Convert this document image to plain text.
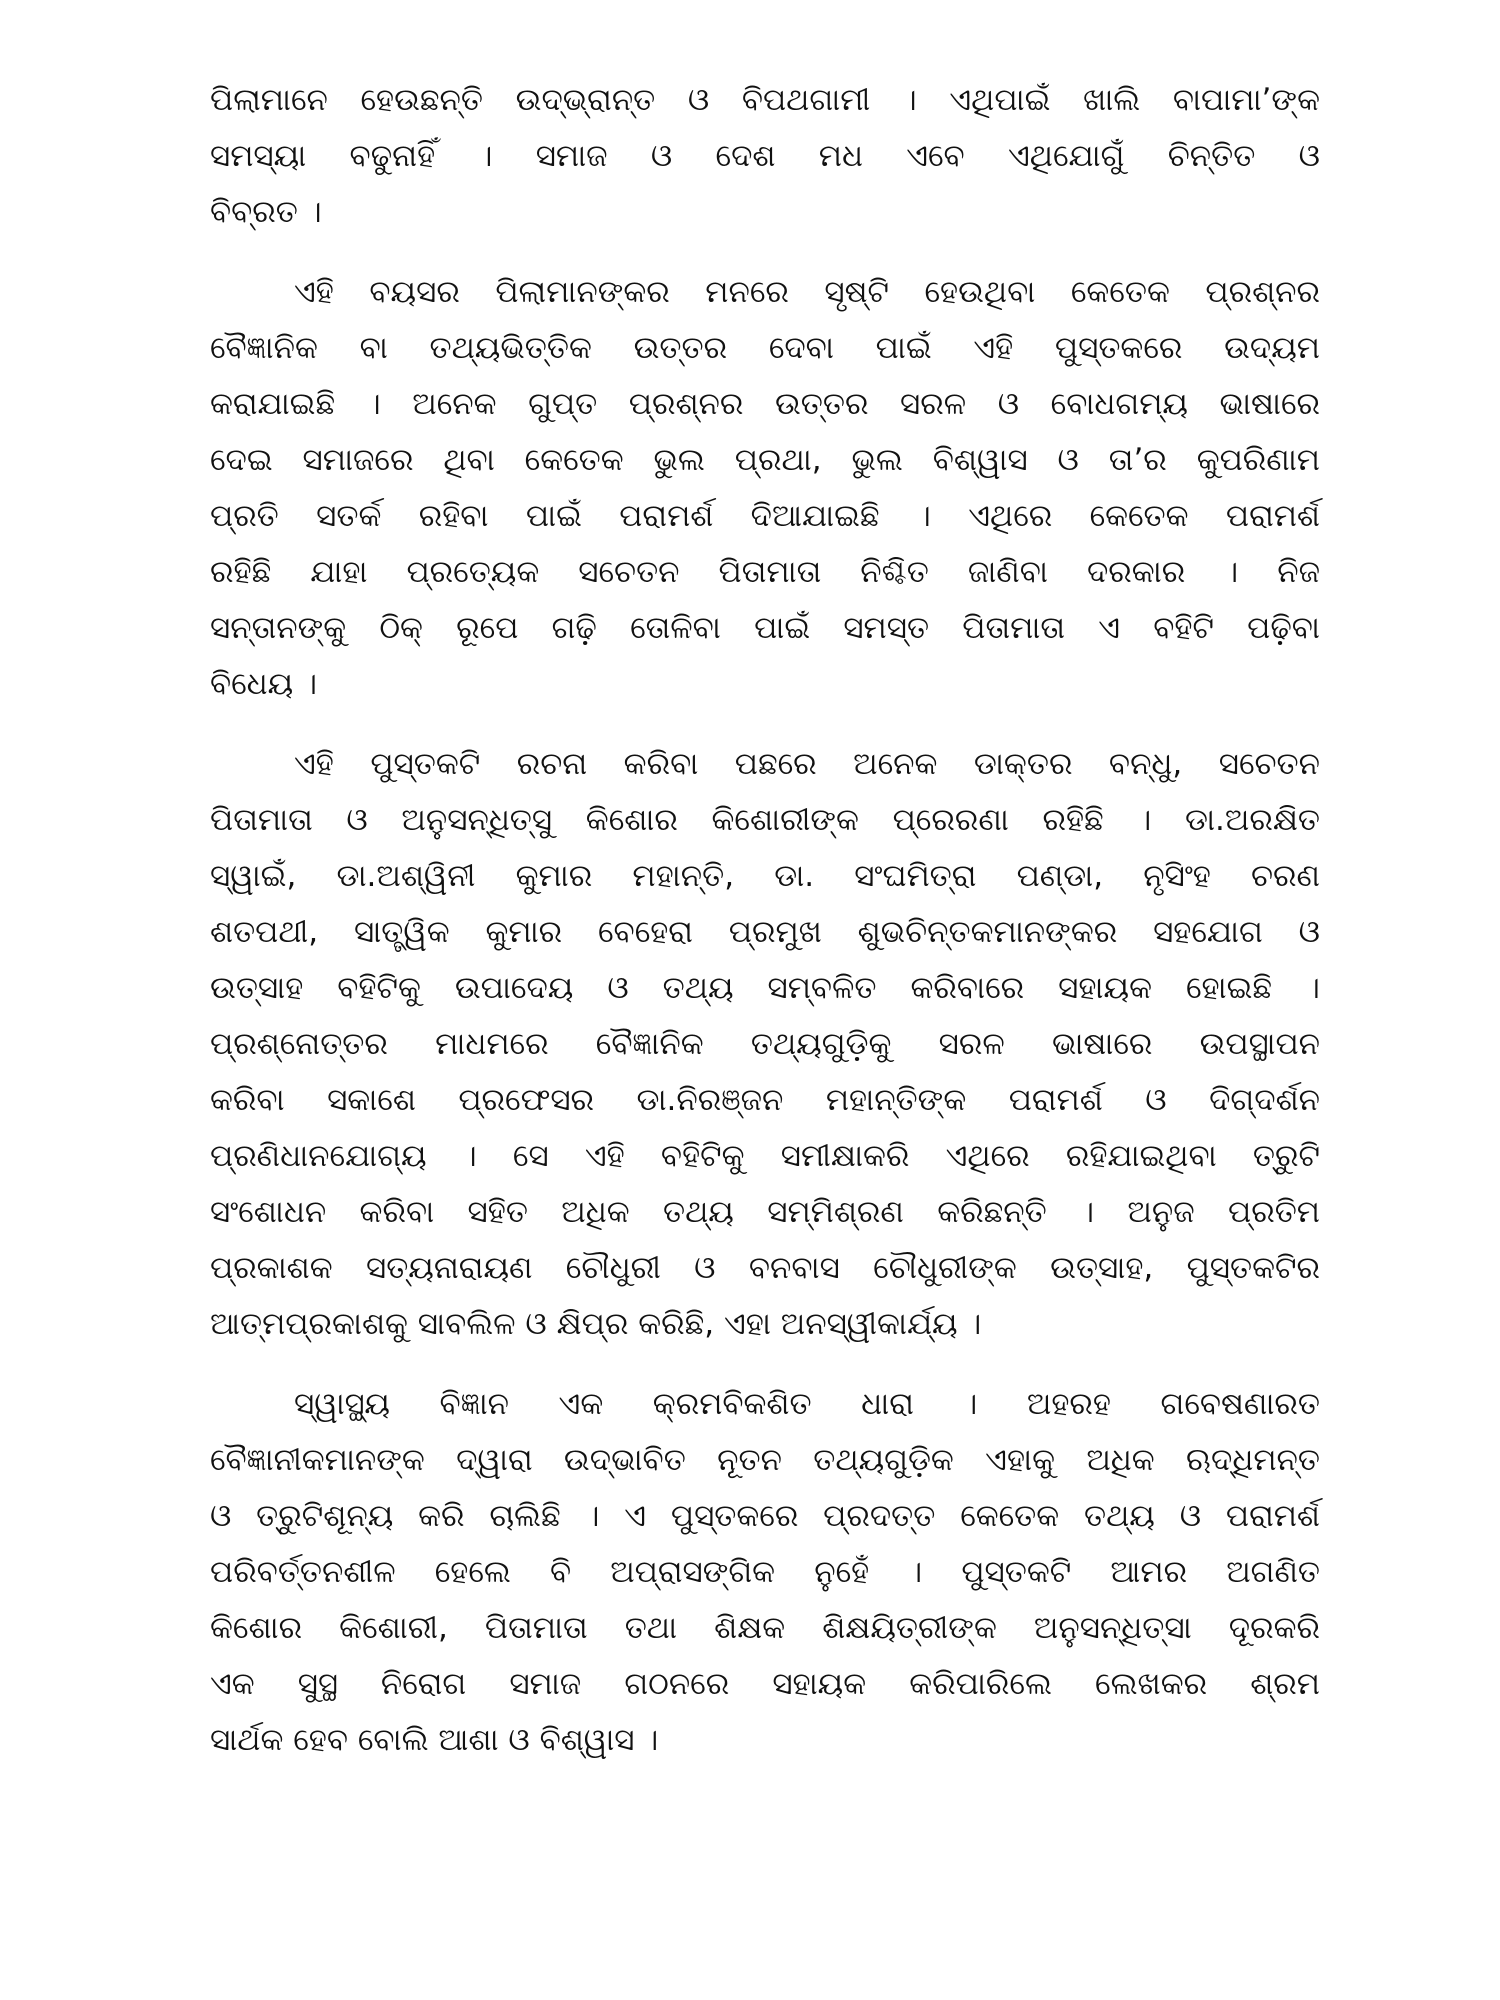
ପିଲାମାନେ ହେଉଛନ୍ତି ଉଦ୍‌ଭ୍ରାନ୍ତ ଓ ବିପଥଗାମୀ । ଏଥିପାଇଁ ଖାଲି ବାପାମା’ଙ୍କ
ସମସ୍ୟା ବଢୁନାହିଁ । ସମାଜ ଓ ଦେଶ ମଧ ଏବେ ଏଥିଯୋଗୁଁ ଚିନ୍ତିତ ଓ
ବିବ୍ରତ ।
ଏହି ବୟସର ପିଲାମାନଙ୍କର ମନରେ ସୃଷ୍ଟି ହେଉଥିବା କେତେକ ପ୍ରଶ୍ନର
ବୈଜ୍ଞାନିକ ବା ତଥ୍ୟଭିତ୍ତିକ ଉତ୍ତର ଦେବା ପାଇଁ ଏହି ପୁସ୍ତକରେ ଉଦ୍ୟମ
କରାଯାଇଛି । ଅନେକ ଗୁପ୍ତ ପ୍ରଶ୍ନର ଉତ୍ତର ସରଳ ଓ ବୋଧଗମ୍ୟ ଭାଷାରେ
ଦେଇ ସମାଜରେ ଥିବା କେତେକ ଭୁଲ ପ୍ରଥା, ଭୁଲ ବିଶ୍ୱାସ ଓ ତା’ର କୁପରିଣାମ
ପ୍ରତି ସତର୍କ ରହିବା ପାଇଁ ପରାମର୍ଶ ଦିଆଯାଇଛି । ଏଥିରେ କେତେକ ପରାମର୍ଶ
ରହିଛି ଯାହା ପ୍ରତ୍ୟେକ ସଚେତନ ପିତାମାତା ନିଶ୍ଚିତ ଜାଣିବା ଦରକାର । ନିଜ
ସନ୍ତାନଙ୍କୁ ଠିକ୍ ରୂପେ ଗଢ଼ି ତୋଳିବା ପାଇଁ ସମସ୍ତ ପିତାମାତା ଏ ବହିଟି ପଢ଼ିବା
ବିଧେୟ ।
ଏହି ପୁସ୍ତକଟି ରଚନା କରିବା ପଛରେ ଅନେକ ଡାକ୍ତର ବନ୍ଧୁ, ସଚେତନ
ପିତାମାତା ଓ ଅନୁସନ୍ଧିତ୍ସୁ କିଶୋର କିଶୋରୀଙ୍କ ପ୍ରେରଣା ରହିଛି । ଡା.ଅରକ୍ଷିତ
ସ୍ୱାଇଁ, ଡା.ଅଶ୍ୱିନୀ କୁମାର ମହାନ୍ତି, ଡା. ସଂଘମିତ୍ରା ପଣ୍ଡା, ନୃସିଂହ ଚରଣ
ଶତପଥୀ, ସାତ୍ତ୍ୱିକ କୁମାର ବେହେରା ପ୍ରମୁଖ ଶୁଭଚିନ୍ତକମାନଙ୍କର ସହଯୋଗ ଓ
ଉତ୍ସାହ ବହିଟିକୁ ଉପାଦେୟ ଓ ତଥ୍ୟ ସମ୍ବଳିତ କରିବାରେ ସହାୟକ ହୋଇଛି ।
ପ୍ରଶ୍ନୋତ୍ତର ମାଧମରେ ବୈଜ୍ଞାନିକ ତଥ୍ୟଗୁଡ଼ିକୁ ସରଳ ଭାଷାରେ ଉପସ୍ଥାପନ
କରିବା ସକାଶେ ପ୍ରଫେସର ଡା.ନିରଞ୍ଜନ ମହାନ୍ତିଙ୍କ ପରାମର୍ଶ ଓ ଦିଗ୍‌ଦର୍ଶନ
ପ୍ରଣିଧାନଯୋଗ୍ୟ । ସେ ଏହି ବହିଟିକୁ ସମୀକ୍ଷାକରି ଏଥିରେ ରହିଯାଇଥିବା ତ୍ରୁଟି
ସଂଶୋଧନ କରିବା ସହିତ ଅଧିକ ତଥ୍ୟ ସମ୍ମିଶ୍ରଣ କରିଛନ୍ତି । ଅନୁଜ ପ୍ରତିମ
ପ୍ରକାଶକ ସତ୍ୟନାରାୟଣ ଚୌଧୁରୀ ଓ ବନବାସ ଚୌଧୁରୀଙ୍କ ଉତ୍ସାହ, ପୁସ୍ତକଟିର
ଆତ୍ମପ୍ରକାଶକୁ ସାବଲିଳ ଓ କ୍ଷିପ୍ର କରିଛି, ଏହା ଅନସ୍ୱୀକାର୍ଯ୍ୟ ।
ସ୍ୱାସ୍ଥ୍ୟ ବିଜ୍ଞାନ ଏକ କ୍ରମବିକଶିତ ଧାରା । ଅହରହ ଗବେଷଣାରତ
ବୈଜ୍ଞାନୀକମାନଙ୍କ ଦ୍ୱାରା ଉଦ୍ଭାବିତ ନୂତନ ତଥ୍ୟଗୁଡ଼ିକ ଏହାକୁ ଅଧିକ ଋଦ୍ଧିମନ୍ତ
ଓ ତ୍ରୁଟିଶୂନ୍ୟ କରି ଚାଲିଛି । ଏ ପୁସ୍ତକରେ ପ୍ରଦତ୍ତ କେତେକ ତଥ୍ୟ ଓ ପରାମର୍ଶ
ପରିବର୍ତ୍ତନଶୀଳ ହେଲେ ବି ଅପ୍ରାସଙ୍ଗିକ ନୁହେଁ । ପୁସ୍ତକଟି ଆମର ଅଗଣିତ
କିଶୋର କିଶୋରୀ, ପିତାମାତା ତଥା ଶିକ୍ଷକ ଶିକ୍ଷୟିତ୍ରୀଙ୍କ ଅନୁସନ୍ଧିତ୍ସା ଦୂରକରି
ଏକ ସୁସ୍ଥ ନିରୋଗ ସମାଜ ଗଠନରେ ସହାୟକ କରିପାରିଲେ ଲେଖକର ଶ୍ରମ
ସାର୍ଥକ ହେବ ବୋଲି ଆଶା ଓ ବିଶ୍ୱାସ ।
